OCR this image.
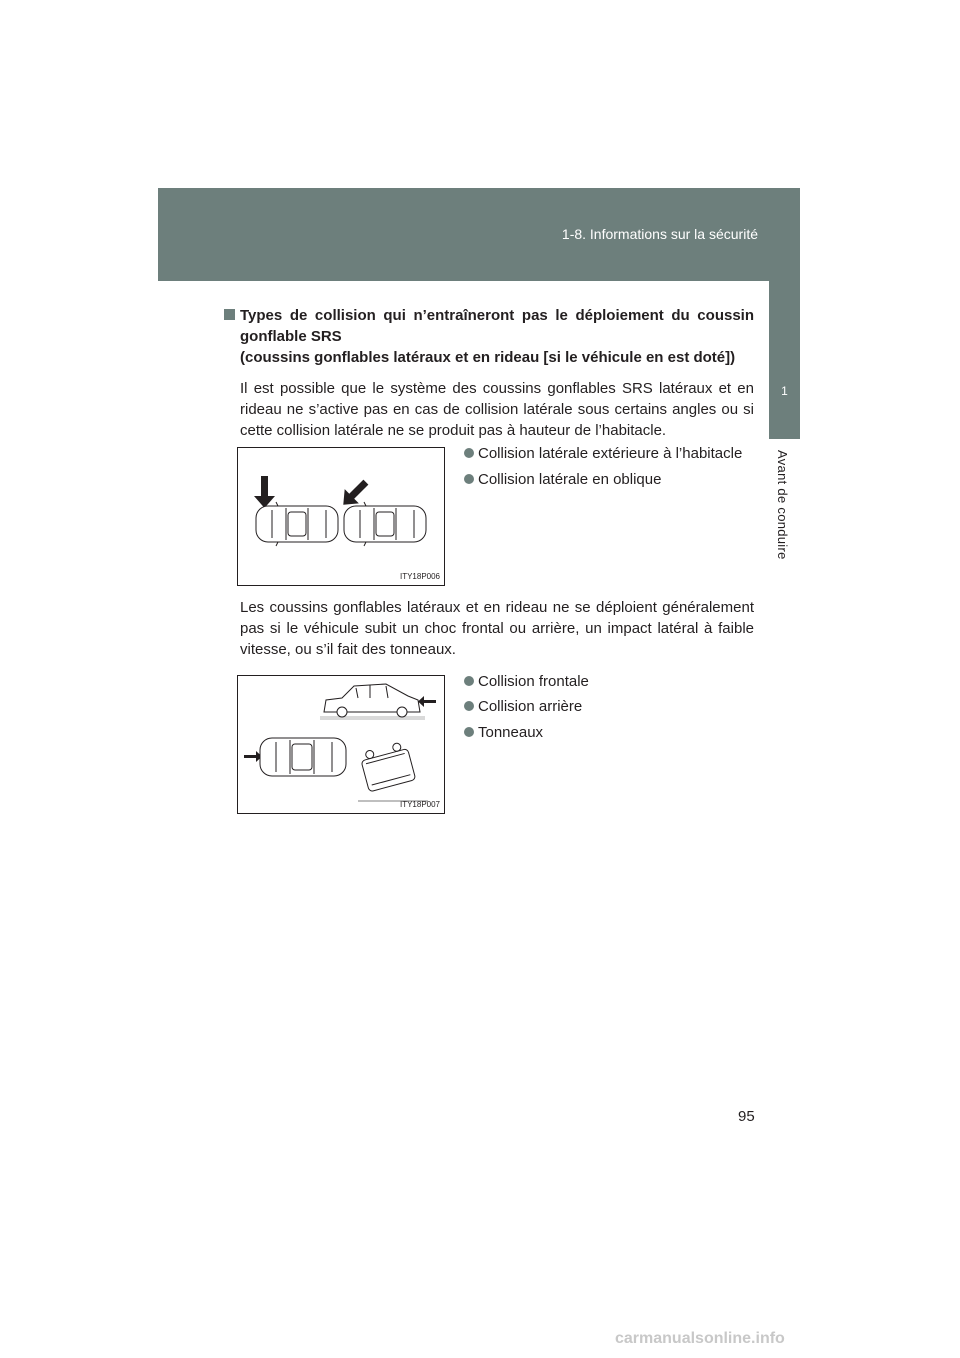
1-8. Informations sur la sécurité
1
Avant de conduire
Types de collision qui n’entraîneront pas le déploiement du coussin gonflable SRS
(coussins gonflables latéraux et en rideau [si le véhicule en est doté])

Il est possible que le système des coussins gonflables SRS latéraux et en rideau ne s’active pas en cas de collision latérale sous certains angles ou si cette collision latérale ne se produit pas à hauteur de l’habitacle.

ITY18P006
Collision latérale extérieure à l’habitacle
Collision latérale en oblique

Les coussins gonflables latéraux et en rideau ne se déploient généralement pas si le véhicule subit un choc frontal ou arrière, un impact latéral à faible vitesse, ou s’il fait des tonneaux.

ITY18P007
Collision frontale
Collision arrière
Tonneaux
95
carmanualsonline.info
